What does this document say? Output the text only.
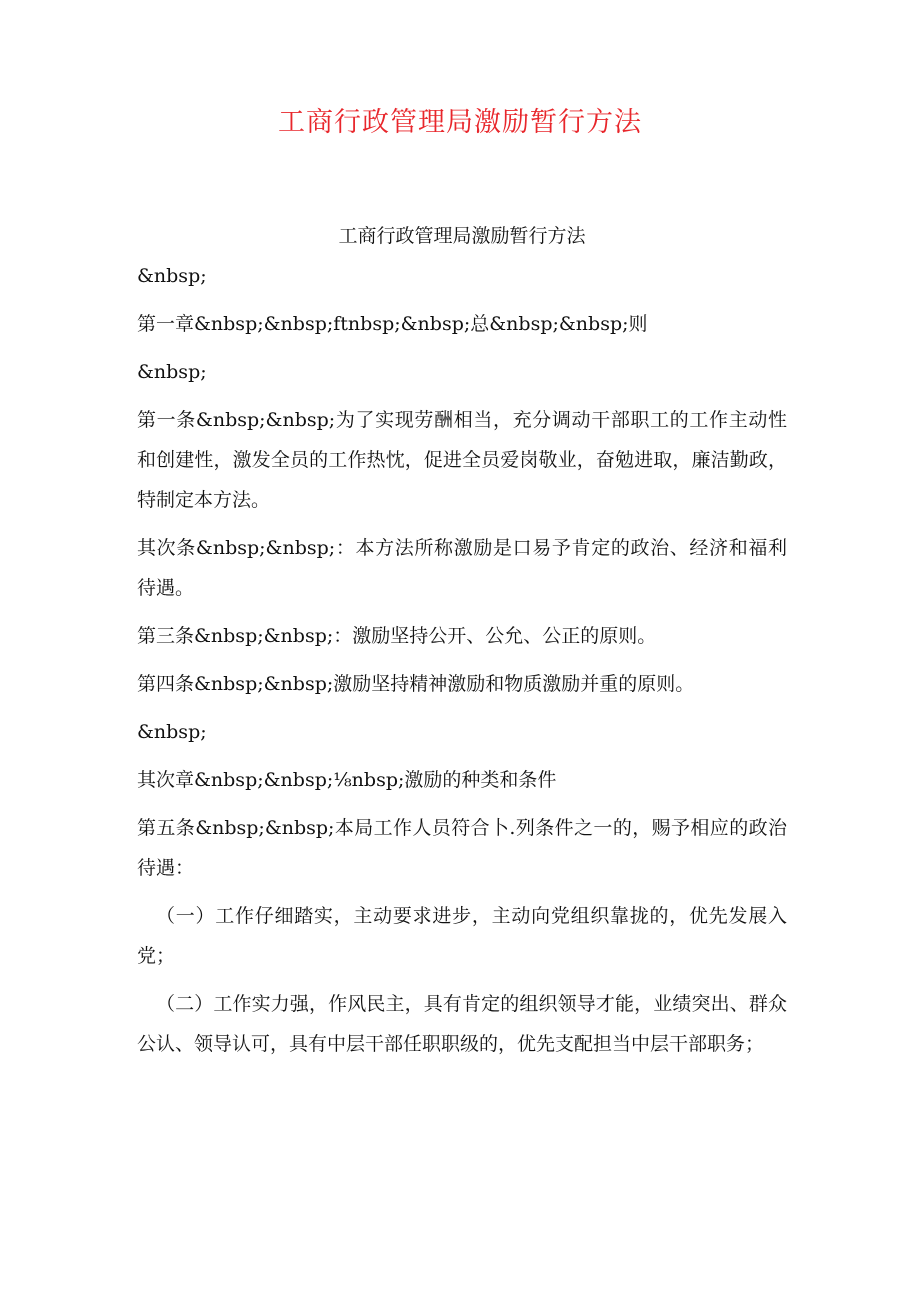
工商行政管理局激励暂行方法
工商行政管理局激励暂行方法

&nbsp;

第一章&nbsp;&nbsp;ftnbsp;&nbsp;总&nbsp;&nbsp;则

&nbsp;

第一条&nbsp;&nbsp;为了实现劳酬相当，充分调动干部职工的工作主动性和创建性，激发全员的工作热忱，促进全员爱岗敬业，奋勉进取，廉洁勤政，特制定本方法。

其次条&nbsp;&nbsp;：本方法所称激励是口易予肯定的政治、经济和福利待遇。

第三条&nbsp;&nbsp;：激励坚持公开、公允、公正的原则。

第四条&nbsp;&nbsp;激励坚持精神激励和物质激励并重的原则。

&nbsp;

其次章&nbsp;&nbsp;⅛nbsp;激励的种类和条件

第五条&nbsp;&nbsp;本局工作人员符合卜.列条件之一的，赐予相应的政治待遇：

（一）工作仔细踏实，主动要求进步，主动向党组织靠拢的，优先发展入党；

（二）工作实力强，作风民主，具有肯定的组织领导才能，业绩突出、群众公认、领导认可，具有中层干部任职职级的，优先支配担当中层干部职务；
